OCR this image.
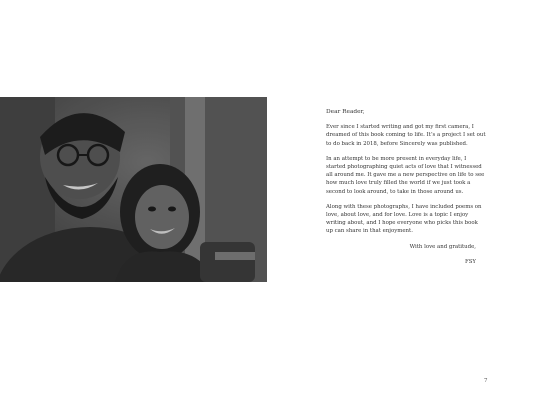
Dear Reader,

Ever since I started writing and got my first camera, I dreamed of this book coming to life. It’s a project I set out to do back in 2018, before Sincerely was published.

In an attempt to be more present in everyday life, I started photographing quiet acts of love that I witnessed all around me. It gave me a new perspective on life to see how much love truly filled the world if we just took a second to look around, to take in those around us.

Along with these photographs, I have included poems on love, about love, and for love. Love is a topic I enjoy writing about, and I hope everyone who picks this book up can share in that enjoyment.

With love and gratitude,

FSY

7
